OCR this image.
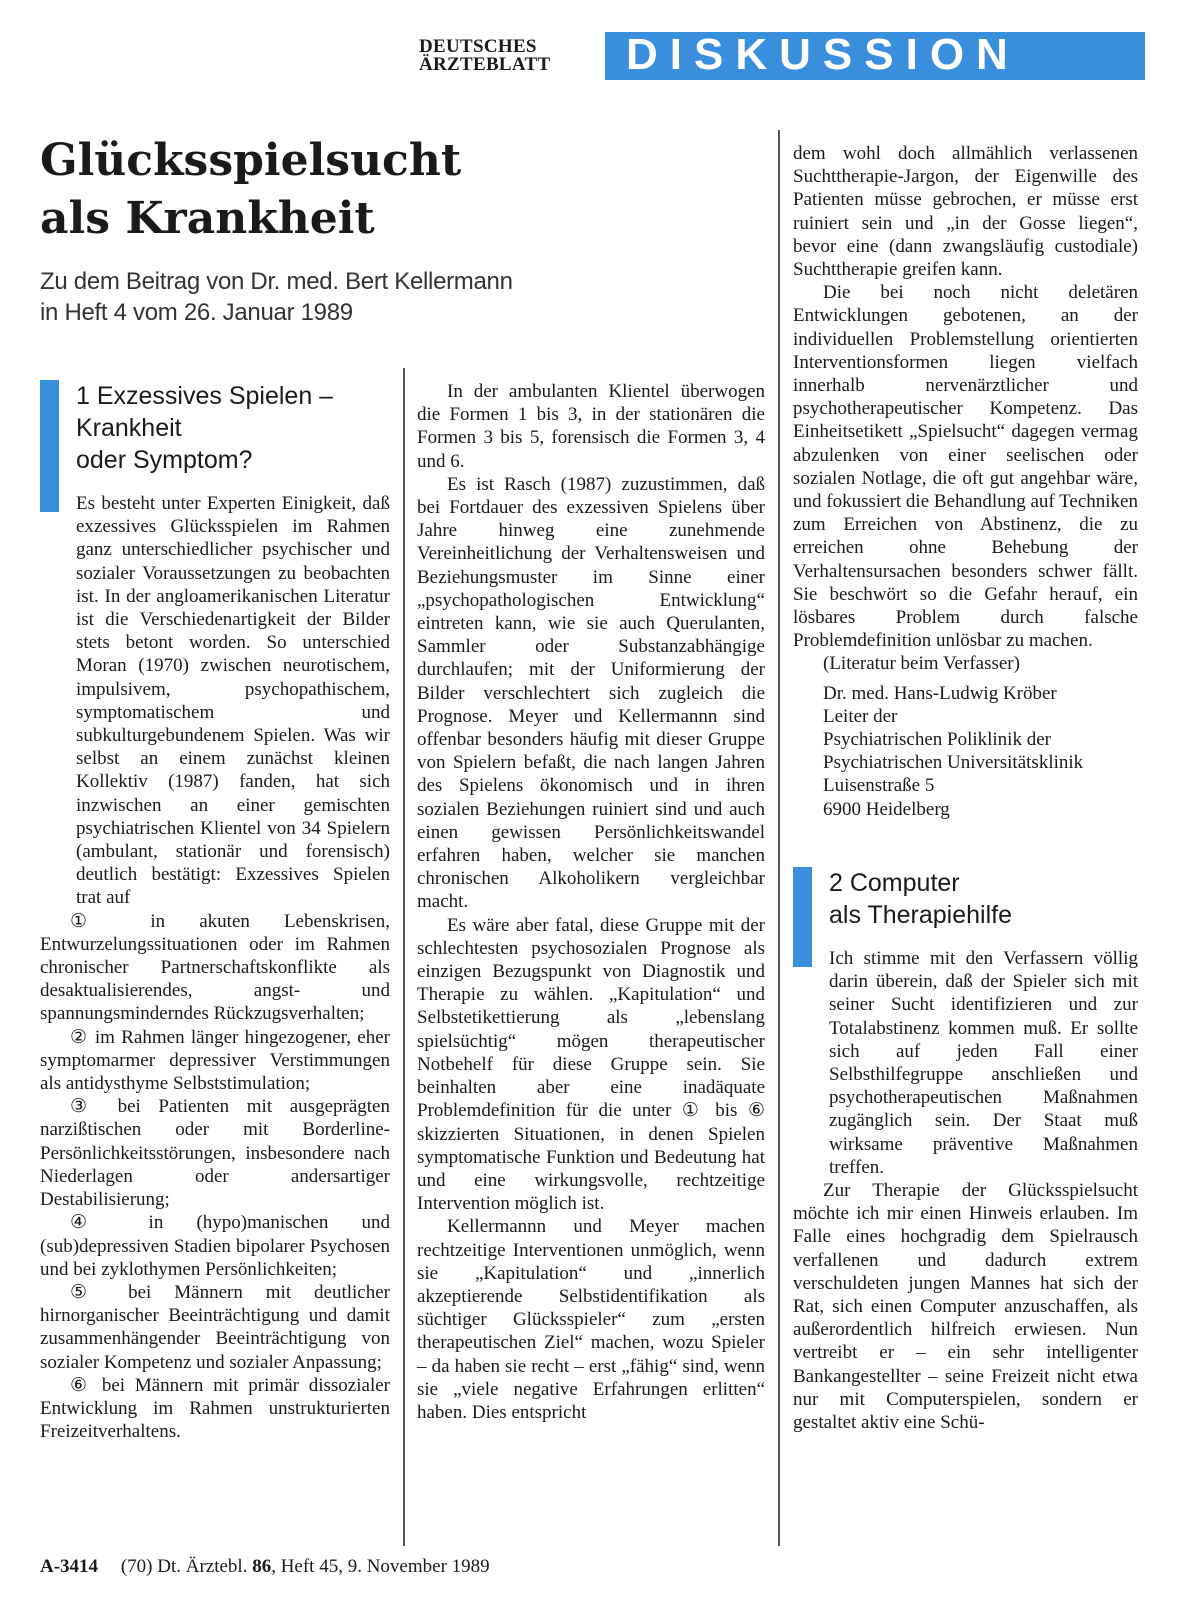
DEUTSCHES
ÄRZTEBLATT	DISKUSSION
Glücksspielsucht
als Krankheit
Zu dem Beitrag von Dr. med. Bert Kellermann
in Heft 4 vom 26. Januar 1989
1 Exzessives Spielen –
Krankheit
oder Symptom?

Es besteht unter Experten Einigkeit, daß exzessives Glücksspielen im Rahmen ganz unterschiedlicher psychischer und sozialer Voraussetzungen zu beobachten ist. In der angloamerikanischen Literatur ist die Verschiedenartigkeit der Bilder stets betont worden. So unterschied Moran (1970) zwischen neurotischem, impulsivem, psychopathischem, symptomatischem und subkulturgebundenem Spielen. Was wir selbst an einem zunächst kleinen Kollektiv (1987) fanden, hat sich inzwischen an einer gemischten psychiatrischen Klientel von 34 Spielern (ambulant, stationär und forensisch) deutlich bestätigt: Exzessives Spielen trat auf

① in akuten Lebenskrisen, Entwurzelungssituationen oder im Rahmen chronischer Partnerschaftskonflikte als desaktualisierendes, angst- und spannungsminderndes Rückzugsverhalten;

② im Rahmen länger hingezogener, eher symptomarmer depressiver Verstimmungen als antidysthyme Selbststimulation;

③ bei Patienten mit ausgeprägten narzißtischen oder mit Borderline-Persönlichkeitsstörungen, insbesondere nach Niederlagen oder andersartiger Destabilisierung;

④ in (hypo)manischen und (sub)depressiven Stadien bipolarer Psychosen und bei zyklothymen Persönlichkeiten;

⑤ bei Männern mit deutlicher hirnorganischer Beeinträchtigung und damit zusammenhängender Beeinträchtigung von sozialer Kompetenz und sozialer Anpassung;

⑥ bei Männern mit primär dissozialer Entwicklung im Rahmen unstrukturierten Freizeitverhaltens.

In der ambulanten Klientel überwogen die Formen 1 bis 3, in der stationären die Formen 3 bis 5, forensisch die Formen 3, 4 und 6.

Es ist Rasch (1987) zuzustimmen, daß bei Fortdauer des exzessiven Spielens über Jahre hinweg eine zunehmende Vereinheitlichung der Verhaltensweisen und Beziehungsmuster im Sinne einer „psychopathologischen Entwicklung“ eintreten kann, wie sie auch Querulanten, Sammler oder Substanzabhängige durchlaufen; mit der Uniformierung der Bilder verschlechtert sich zugleich die Prognose. Meyer und Kellermannn sind offenbar besonders häufig mit dieser Gruppe von Spielern befaßt, die nach langen Jahren des Spielens ökonomisch und in ihren sozialen Beziehungen ruiniert sind und auch einen gewissen Persönlichkeitswandel erfahren haben, welcher sie manchen chronischen Alkoholikern vergleichbar macht.

Es wäre aber fatal, diese Gruppe mit der schlechtesten psychosozialen Prognose als einzigen Bezugspunkt von Diagnostik und Therapie zu wählen. „Kapitulation“ und Selbstetikettierung als „lebenslang spielsüchtig“ mögen therapeutischer Notbehelf für diese Gruppe sein. Sie beinhalten aber eine inadäquate Problemdefinition für die unter ① bis ⑥ skizzierten Situationen, in denen Spielen symptomatische Funktion und Bedeutung hat und eine wirkungsvolle, rechtzeitige Intervention möglich ist.

Kellermannn und Meyer machen rechtzeitige Interventionen unmöglich, wenn sie „Kapitulation“ und „innerlich akzeptierende Selbstidentifikation als süchtiger Glücksspieler“ zum „ersten therapeutischen Ziel“ machen, wozu Spieler – da haben sie recht – erst „fähig“ sind, wenn sie „viele negative Erfahrungen erlitten“ haben. Dies entspricht

dem wohl doch allmählich verlassenen Suchttherapie-Jargon, der Eigenwille des Patienten müsse gebrochen, er müsse erst ruiniert sein und „in der Gosse liegen“, bevor eine (dann zwangsläufig custodiale) Suchttherapie greifen kann.

Die bei noch nicht deletären Entwicklungen gebotenen, an der individuellen Problemstellung orientierten Interventionsformen liegen vielfach innerhalb nervenärztlicher und psychotherapeutischer Kompetenz. Das Einheitsetikett „Spielsucht“ dagegen vermag abzulenken von einer seelischen oder sozialen Notlage, die oft gut angehbar wäre, und fokussiert die Behandlung auf Techniken zum Erreichen von Abstinenz, die zu erreichen ohne Behebung der Verhaltensursachen besonders schwer fällt. Sie beschwört so die Gefahr herauf, ein lösbares Problem durch falsche Problemdefinition unlösbar zu machen.

(Literatur beim Verfasser)

Dr. med. Hans-Ludwig Kröber
Leiter der
Psychiatrischen Poliklinik der
Psychiatrischen Universitätsklinik
Luisenstraße 5
6900 Heidelberg
2 Computer
als Therapiehilfe

Ich stimme mit den Verfassern völlig darin überein, daß der Spieler sich mit seiner Sucht identifizieren und zur Totalabstinenz kommen muß. Er sollte sich auf jeden Fall einer Selbsthilfegruppe anschließen und psychotherapeutischen Maßnahmen zugänglich sein. Der Staat muß wirksame präventive Maßnahmen treffen.

Zur Therapie der Glücksspielsucht möchte ich mir einen Hinweis erlauben. Im Falle eines hochgradig dem Spielrausch verfallenen und dadurch extrem verschuldeten jungen Mannes hat sich der Rat, sich einen Computer anzuschaffen, als außerordentlich hilfreich erwiesen. Nun vertreibt er – ein sehr intelligenter Bankangestellter – seine Freizeit nicht etwa nur mit Computerspielen, sondern er gestaltet aktiv eine Schü-

A-3414 (70) Dt. Ärztebl. 86, Heft 45, 9. November 1989
